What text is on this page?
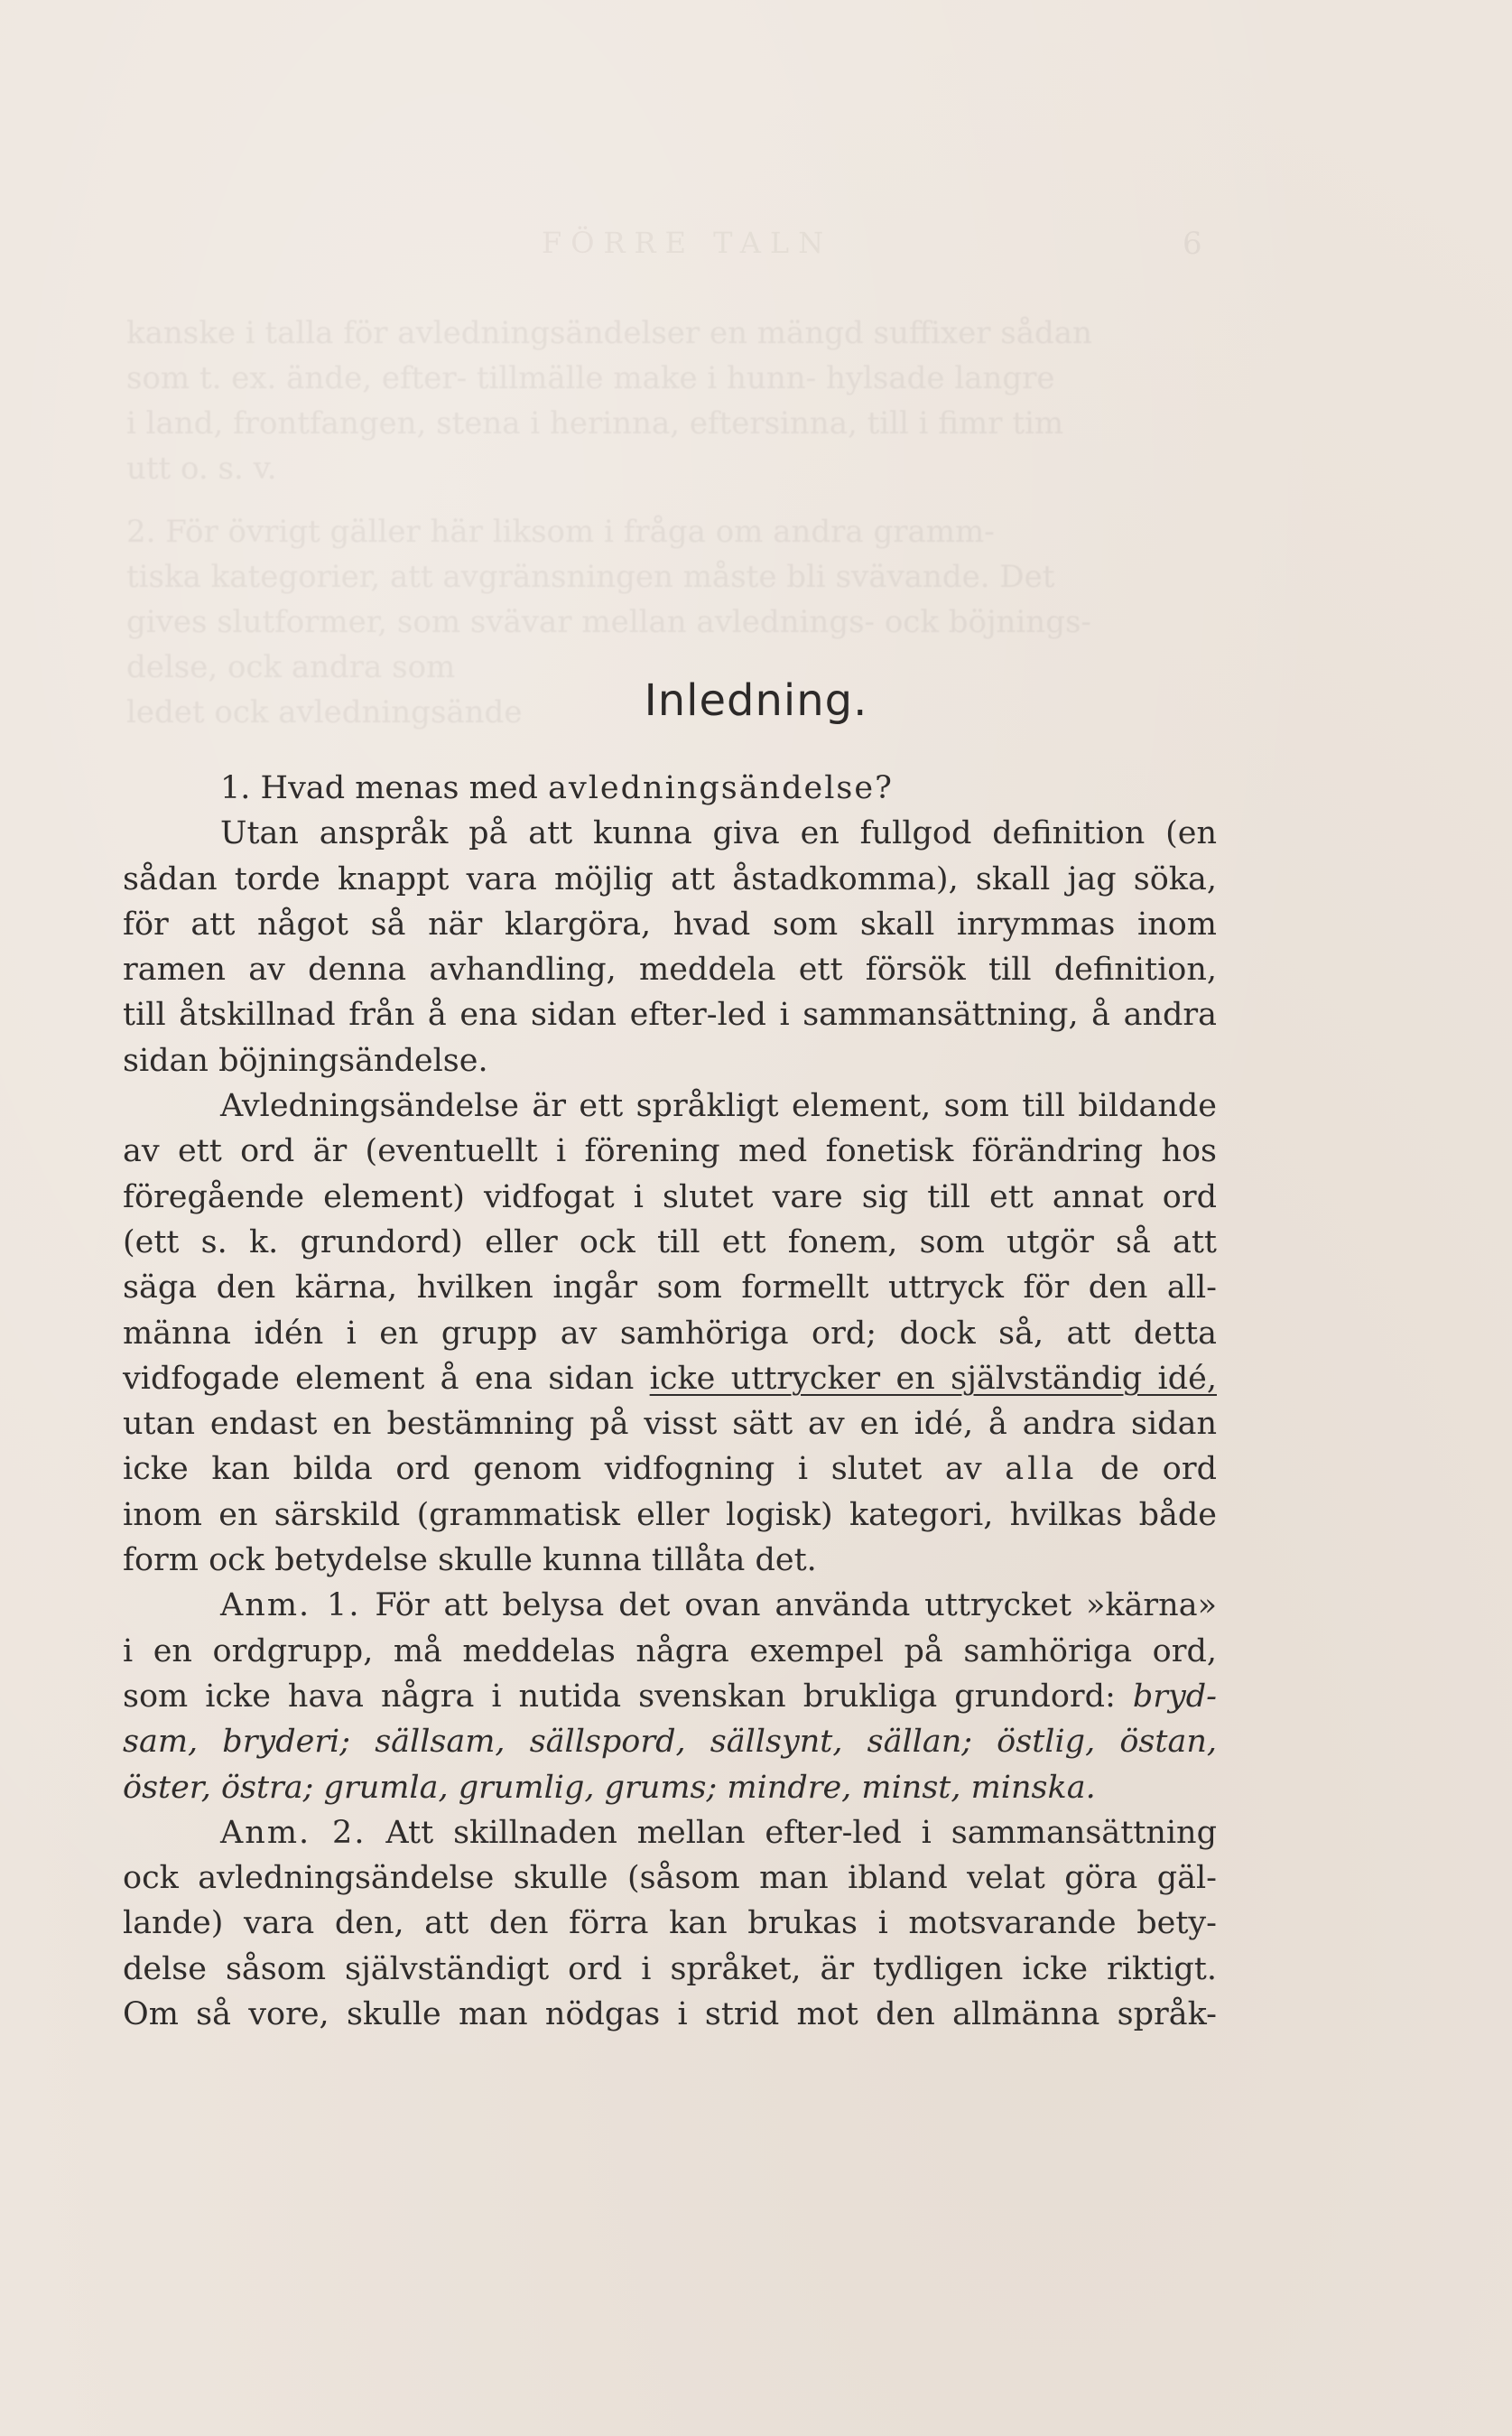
FÖRRE TALN	6
kanske i talla för avledningsändelser en mängd suffixer sådan
som t. ex. ände, efter- tillmälle make i hunn- hylsade langre
i land, frontfangen, stena i herinna, eftersinna, till i fimr tim
utt o. s. v.
2. För övrigt gäller här liksom i fråga om andra gramm-
tiska kategorier, att avgränsningen måste bli svävande. Det
gives slutformer, som svävar mellan avlednings- ock böjnings-
delse, ock andra som
ledet ock avledningsände	Inledning.
1. Hvad menas med avledningsändelse?
Utan anspråk på att kunna giva en fullgod definition (en
sådan torde knappt vara möjlig att åstadkomma), skall jag söka,
för att något så när klargöra, hvad som skall inrymmas inom
ramen av denna avhandling, meddela ett försök till definition,
till åtskillnad från å ena sidan efter-led i sammansättning, å andra
sidan böjningsändelse.
Avledningsändelse är ett språkligt element, som till bildande
av ett ord är (eventuellt i förening med fonetisk förändring hos
föregående element) vidfogat i slutet vare sig till ett annat ord
(ett s. k. grundord) eller ock till ett fonem, som utgör så att
säga den kärna, hvilken ingår som formellt uttryck för den all-
männa idén i en grupp av samhöriga ord; dock så, att detta
vidfogade element å ena sidan icke uttrycker en självständig idé,
utan endast en bestämning på visst sätt av en idé, å andra sidan
icke kan bilda ord genom vidfogning i slutet av alla de ord
inom en särskild (grammatisk eller logisk) kategori, hvilkas både
form ock betydelse skulle kunna tillåta det.
Anm. 1. För att belysa det ovan använda uttrycket »kärna»
i en ordgrupp, må meddelas några exempel på samhöriga ord,
som icke hava några i nutida svenskan brukliga grundord: bryd-
sam, bryderi; sällsam, sällspord, sällsynt, sällan; östlig, östan,
öster, östra; grumla, grumlig, grums; mindre, minst, minska.
Anm. 2. Att skillnaden mellan efter-led i sammansättning
ock avledningsändelse skulle (såsom man ibland velat göra gäl-
lande) vara den, att den förra kan brukas i motsvarande bety-
delse såsom självständigt ord i språket, är tydligen icke riktigt.
Om så vore, skulle man nödgas i strid mot den allmänna språk-
